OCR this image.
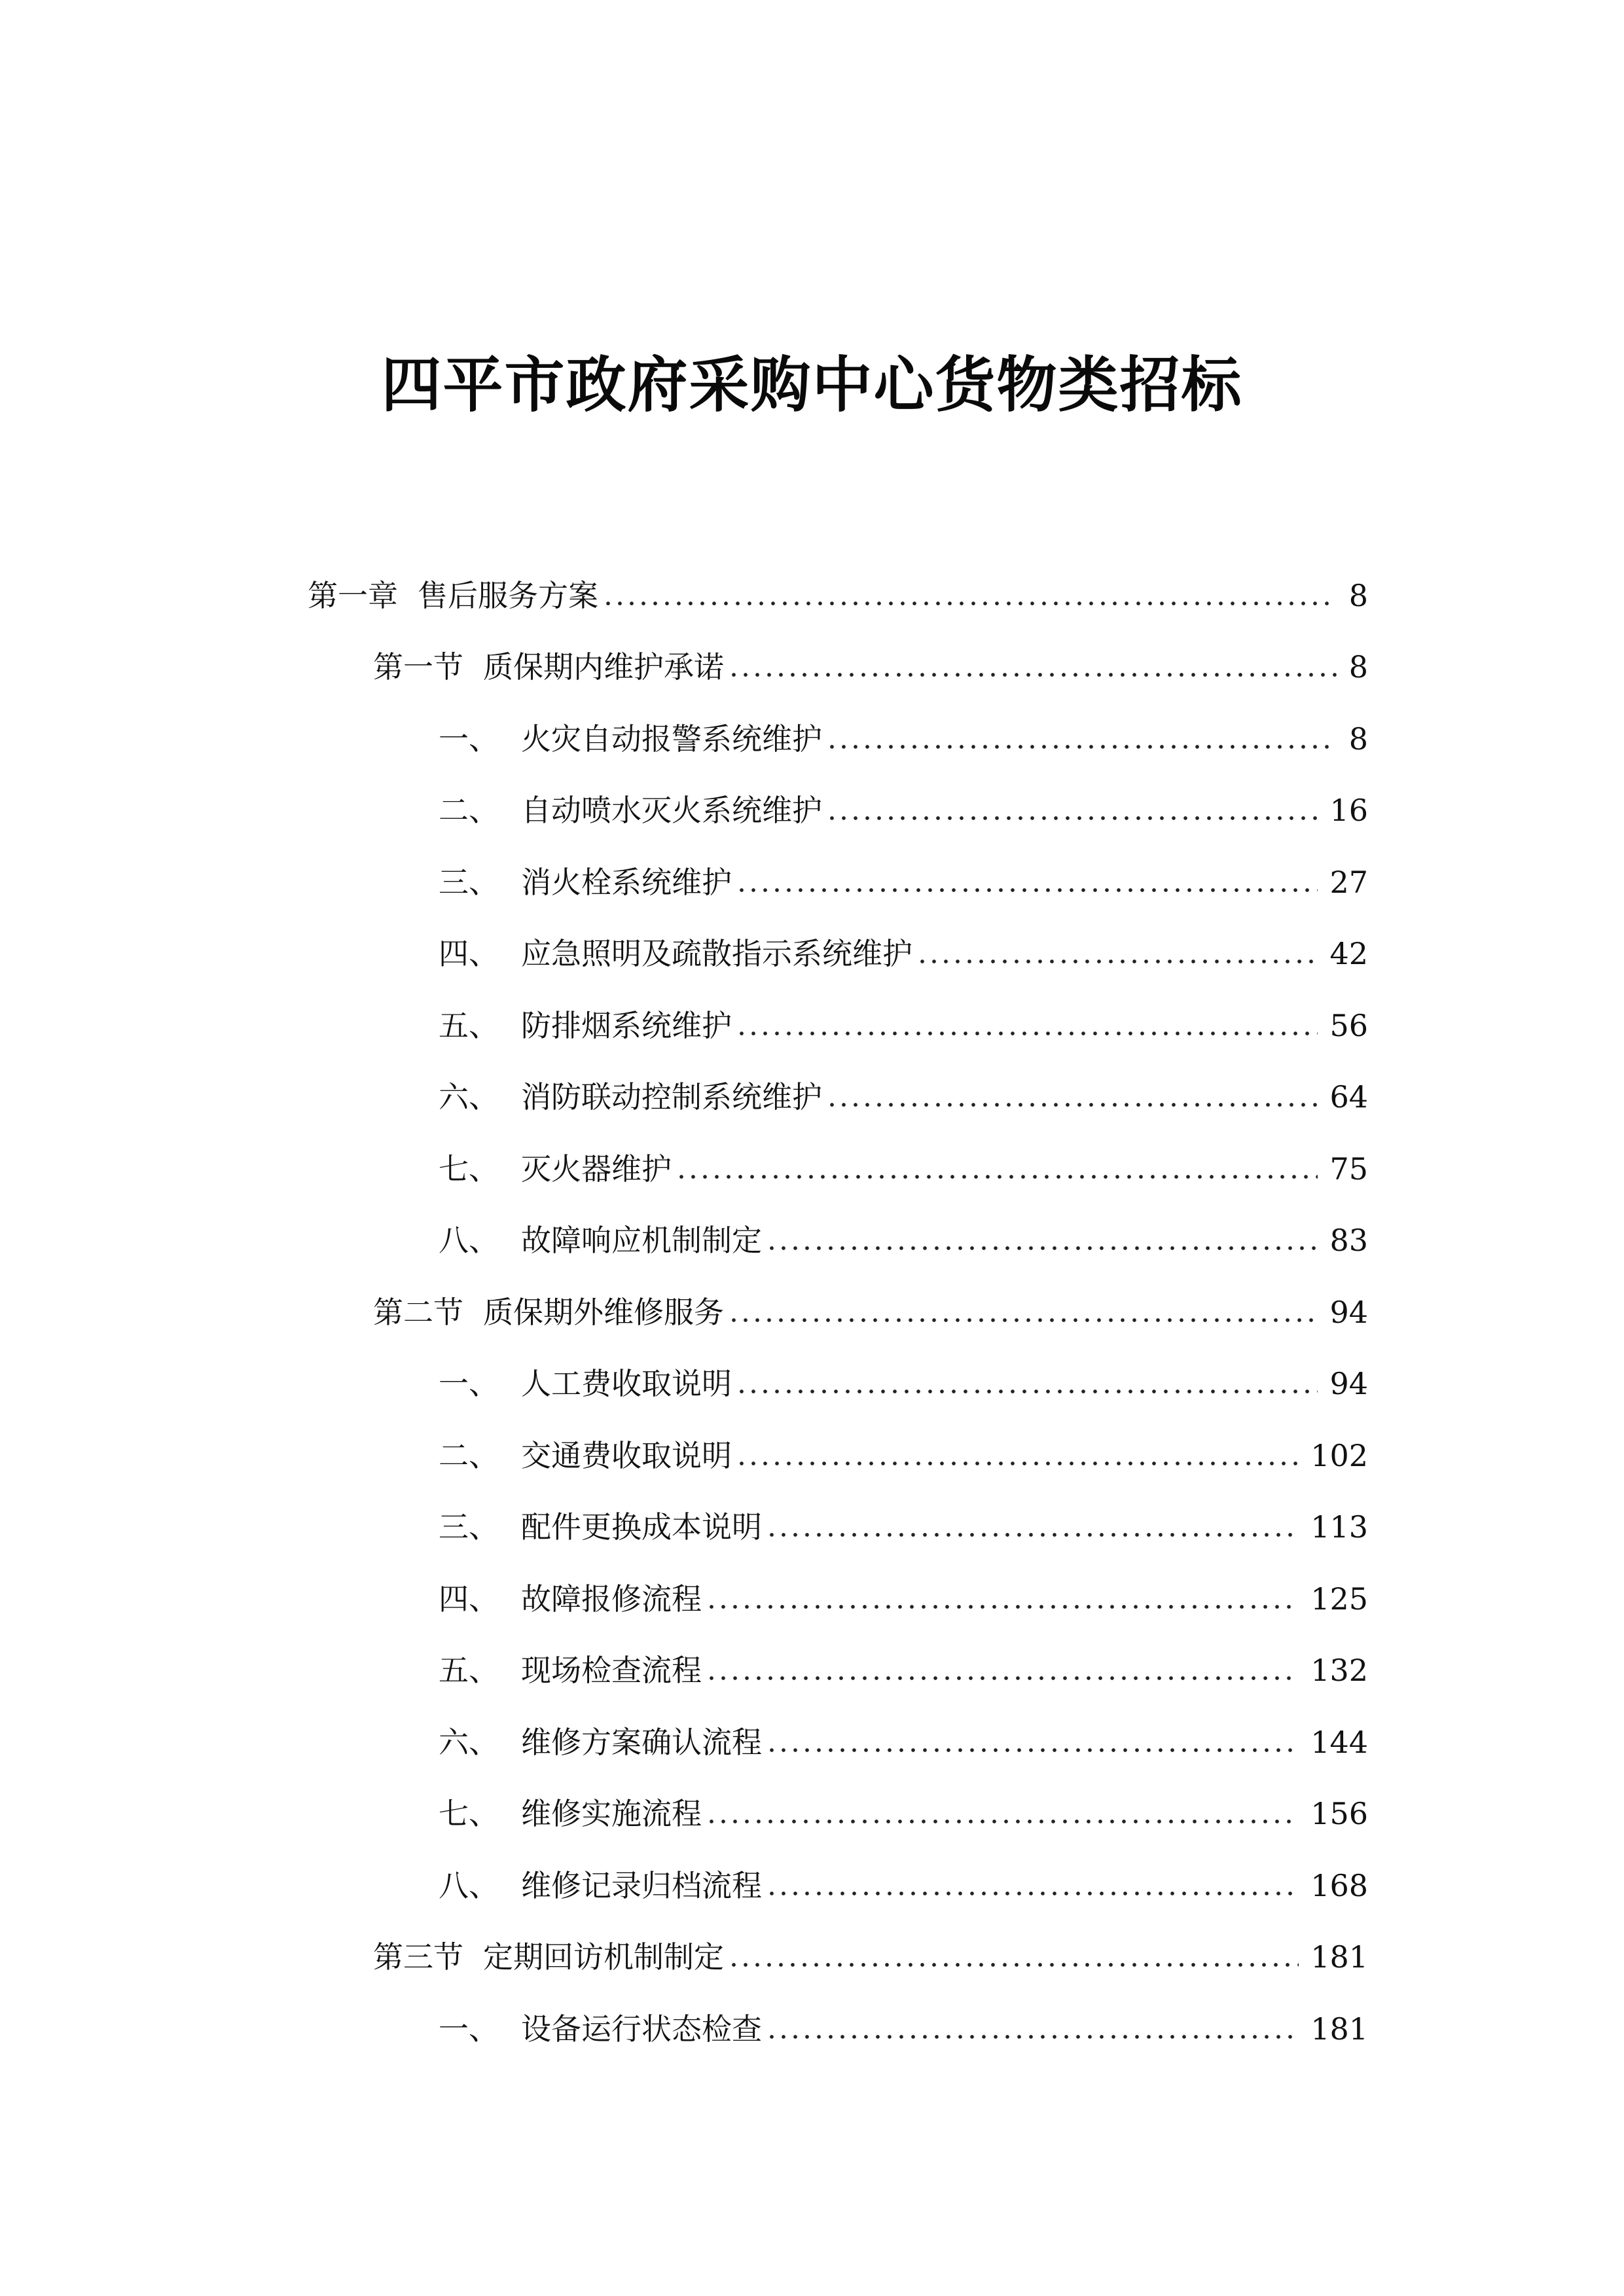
四平市政府采购中心货物类招标
第一章 售后服务方案	8
第一节 质保期内维护承诺	8
一、 火灾自动报警系统维护	8
二、 自动喷水灭火系统维护	16
三、 消火栓系统维护	27
四、 应急照明及疏散指示系统维护	42
五、 防排烟系统维护	56
六、 消防联动控制系统维护	64
七、 灭火器维护	75
八、 故障响应机制制定	83
第二节 质保期外维修服务	94
一、 人工费收取说明	94
二、 交通费收取说明	102
三、 配件更换成本说明	113
四、 故障报修流程	125
五、 现场检查流程	132
六、 维修方案确认流程	144
七、 维修实施流程	156
八、 维修记录归档流程	168
第三节 定期回访机制制定	181
一、 设备运行状态检查	181
